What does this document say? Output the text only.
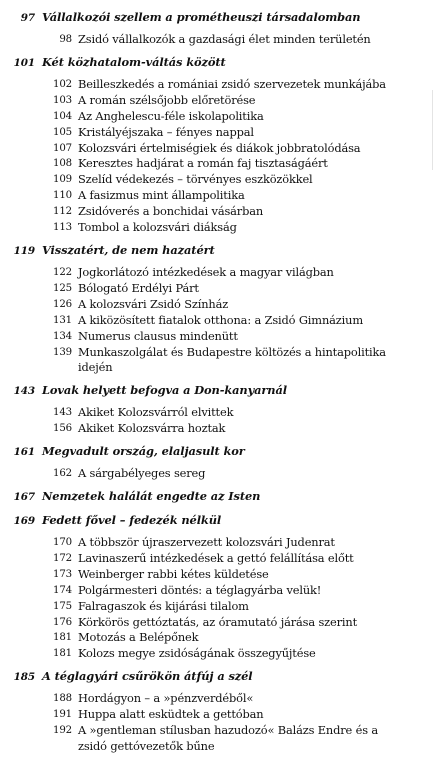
97 Vállalkozói szellem a prométheuszi társadalomban
98 Zsidó vállalkozók a gazdasági élet minden területén
101 Két közhatalom-váltás között
102 Beilleszkedés a romániai zsidó szervezetek munkájába
103 A román szélsőjobb előretörése
104 Az Anghelescu-féle iskolapolitika
105 Kristályéjszaka – fényes nappal
107 Kolozsvári értelmiségiek és diákok jobbratolódása
108 Keresztes hadjárat a román faj tisztaságáért
109 Szelíd védekezés – törvényes eszközökkel
110 A fasizmus mint állampolitika
112 Zsidóverés a bonchidai vásárban
113 Tombol a kolozsvári diákság
119 Visszatért, de nem hazatért
122 Jogkorlátozó intézkedések a magyar világban
125 Bólogató Erdélyi Párt
126 A kolozsvári Zsidó Színház
131 A kiközösített fiatalok otthona: a Zsidó Gimnázium
134 Numerus clausus mindenütt
139 Munkaszolgálat és Budapestre költözés a hintapolitika idején
143 Lovak helyett befogva a Don-kanyarnál
143 Akiket Kolozsvárról elvittek
156 Akiket Kolozsvárra hoztak
161 Megvadult ország, elaljasult kor
162 A sárgabélyeges sereg
167 Nemzetek halálát engedte az Isten
169 Fedett fővel – fedezék nélkül
170 A többször újraszervezett kolozsvári Judenrat
172 Lavinaszerű intézkedések a gettó felállítása előtt
173 Weinberger rabbi kétes küldetése
174 Polgármesteri döntés: a téglagyárba velük!
175 Falragaszok és kijárási tilalom
176 Körkörös gettóztatás, az óramutató járása szerint
181 Motozás a Belépőnek
181 Kolozs megye zsidóságának összegyűjtése
185 A téglagyári csűrökön átfúj a szél
188 Hordágyon – a »pénzverdéből«
191 Huppa alatt esküdtek a gettóban
192 A »gentleman stílusban hazudozó« Balázs Endre és a zsidó gettóvezetők bűne
